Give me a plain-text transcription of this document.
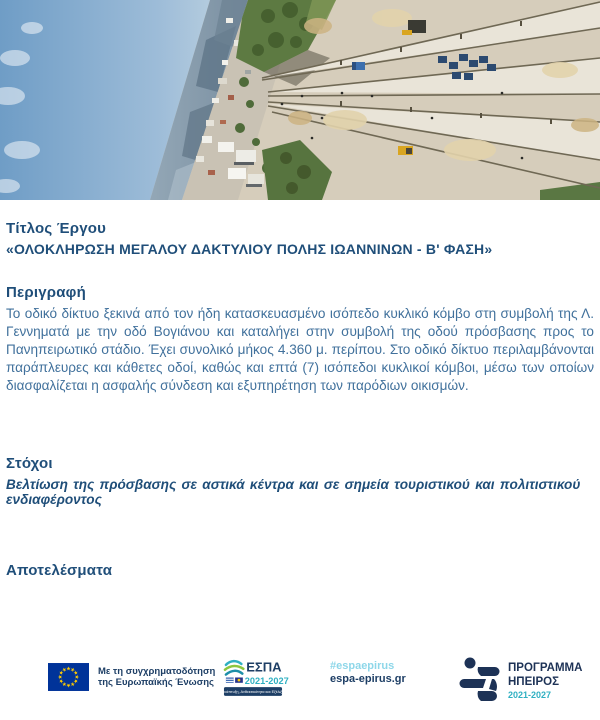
Τίτλος Έργου
«ΟΛΟΚΛΗΡΩΣΗ ΜΕΓΑΛΟΥ ΔΑΚΤΥΛΙΟΥ ΠΟΛΗΣ ΙΩΑΝΝΙΝΩΝ - Β' ΦΑΣΗ»
Περιγραφή
Το οδικό δίκτυο ξεκινά από τον ήδη κατασκευασμένο ισόπεδο κυκλικό κόμβο στη συμβολή της Λ. Γεννηματά με την οδό Βογιάνου και καταλήγει στην συμβολή της οδού πρόσβασης προς το Πανηπειρωτικό στάδιο. Έχει συνολικό μήκος 4.360 μ. περίπου. Στο οδικό δίκτυο περιλαμβάνονται παράπλευρες και κάθετες οδοί, καθώς και επτά (7) ισόπεδοι κυκλικοί κόμβοι, μέσω των οποίων διασφαλίζεται η ασφαλής σύνδεση και εξυπηρέτηση των παρόδιων οικισμών.
Στόχοι
Βελτίωση της πρόσβασης σε αστικά κέντρα και σε σημεία τουριστικού και πολιτιστικού ενδιαφέροντος
Αποτελέσματα
Με τη συγχρηματοδότηση
της Ευρωπαϊκής Ένωσης
ΕΣΠΑ
2021-2027
Ανάπτυξη, Ανθεκτικότητα και Εξέλιξη
#espaepirus
espa-epirus.gr
ΠΡΟΓΡΑΜΜΑ
ΗΠΕΙΡΟΣ
2021-2027
